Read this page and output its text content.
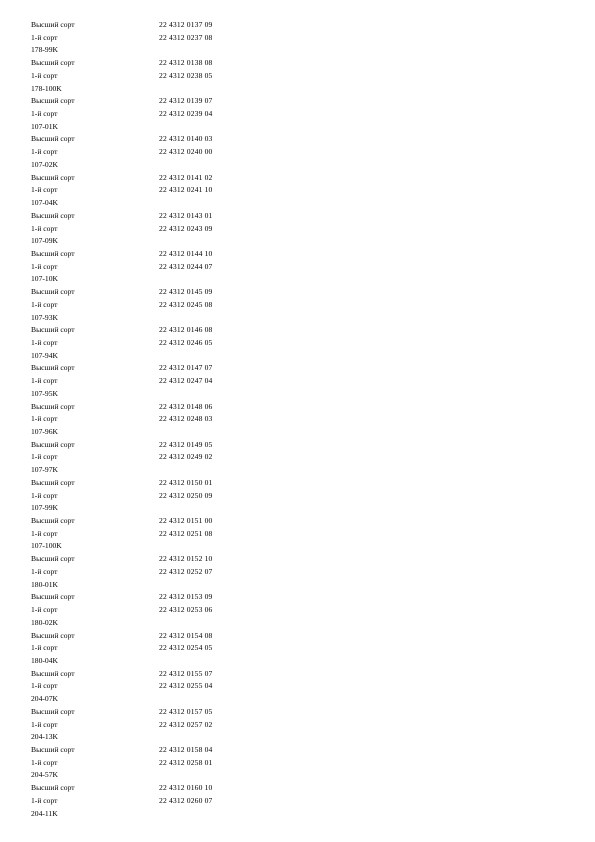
Высший сорт	22 4312 0137 09
1-й сорт	22 4312 0237 08
178-99K
Высший сорт	22 4312 0138 08
1-й сорт	22 4312 0238 05
178-100K
Высший сорт	22 4312 0139 07
1-й сорт	22 4312 0239 04
107-01K
Высший сорт	22 4312 0140 03
1-й сорт	22 4312 0240 00
107-02K
Высший сорт	22 4312 0141 02
1-й сорт	22 4312 0241 10
107-04K
Высший сорт	22 4312 0143 01
1-й сорт	22 4312 0243 09
107-09K
Высший сорт	22 4312 0144 10
1-й сорт	22 4312 0244 07
107-10K
Высший сорт	22 4312 0145 09
1-й сорт	22 4312 0245 08
107-93K
Высший сорт	22 4312 0146 08
1-й сорт	22 4312 0246 05
107-94K
Высший сорт	22 4312 0147 07
1-й сорт	22 4312 0247 04
107-95K
Высший сорт	22 4312 0148 06
1-й сорт	22 4312 0248 03
107-96K
Высший сорт	22 4312 0149 05
1-й сорт	22 4312 0249 02
107-97K
Высший сорт	22 4312 0150 01
1-й сорт	22 4312 0250 09
107-99K
Высший сорт	22 4312 0151 00
1-й сорт	22 4312 0251 08
107-100K
Высший сорт	22 4312 0152 10
1-й сорт	22 4312 0252 07
180-01K
Высший сорт	22 4312 0153 09
1-й сорт	22 4312 0253 06
180-02K
Высший сорт	22 4312 0154 08
1-й сорт	22 4312 0254 05
180-04K
Высший сорт	22 4312 0155 07
1-й сорт	22 4312 0255 04
204-07K
Высший сорт	22 4312 0157 05
1-й сорт	22 4312 0257 02
204-13K
Высший сорт	22 4312 0158 04
1-й сорт	22 4312 0258 01
204-57K
Высший сорт	22 4312 0160 10
1-й сорт	22 4312 0260 07
204-11K
